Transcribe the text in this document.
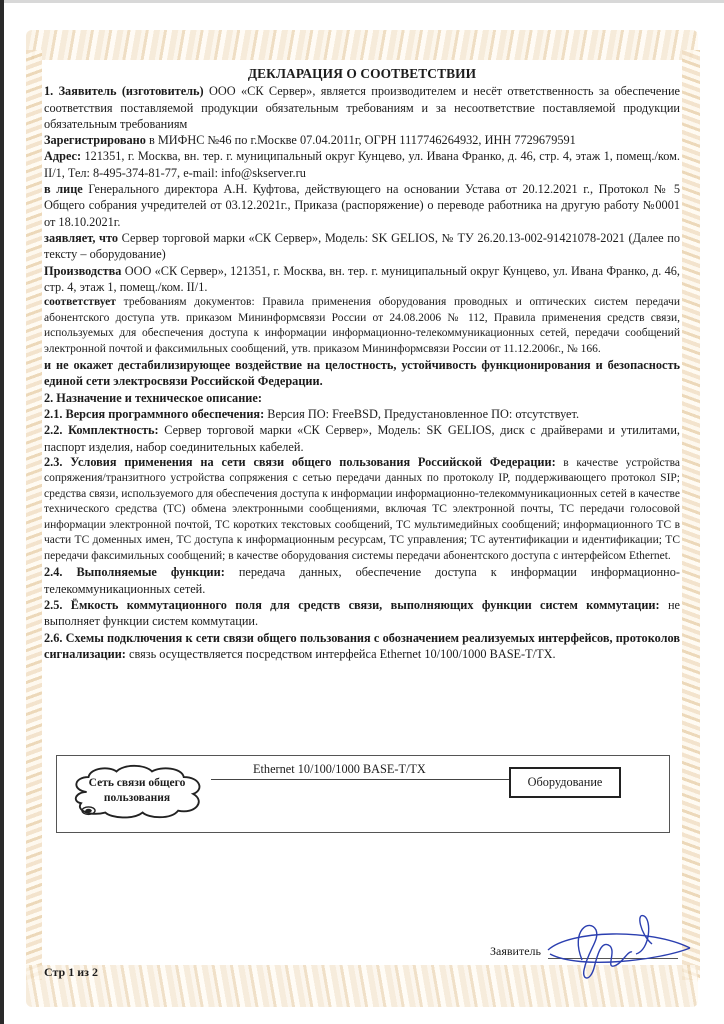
ДЕКЛАРАЦИЯ О СООТВЕТСТВИИ

1. Заявитель (изготовитель) ООО «СК Сервер», является производителем и несёт ответственность за обеспечение соответствия поставляемой продукции обязательным требованиям и за несоответствие поставляемой продукции обязательным требованиям

Зарегистрировано в МИФНС №46 по г.Москве 07.04.2011г, ОГРН 1117746264932, ИНН 7729679591

Адрес: 121351, г. Москва, вн. тер. г. муниципальный округ Кунцево, ул. Ивана Франко, д. 46, стр. 4, этаж 1, помещ./ком. II/1, Тел: 8-495-374-81-77, e-mail: info@skserver.ru

в лице Генерального директора А.Н. Куфтова, действующего на основании Устава от 20.12.2021 г., Протокол № 5 Общего собрания учредителей от 03.12.2021г., Приказа (распоряжение) о переводе работника на другую работу №0001 от 18.10.2021г.

заявляет, что Сервер торговой марки «СК Сервер», Модель: SK GELIOS, № ТУ 26.20.13-002-91421078-2021 (Далее по тексту – оборудование)

Производства ООО «СК Сервер», 121351, г. Москва, вн. тер. г. муниципальный округ Кунцево, ул. Ивана Франко, д. 46, стр. 4, этаж 1, помещ./ком. II/1.

соответствует требованиям документов: Правила применения оборудования проводных и оптических систем передачи абонентского доступа утв. приказом Мининформсвязи России от 24.08.2006 № 112, Правила применения средств связи, используемых для обеспечения доступа к информации информационно-телекоммуникационных сетей, передачи сообщений электронной почтой и факсимильных сообщений, утв. приказом Мининформсвязи России от 11.12.2006г., № 166.

и не окажет дестабилизирующее воздействие на целостность, устойчивость функционирования и безопасность единой сети электросвязи Российской Федерации.

2. Назначение и техническое описание:

2.1. Версия программного обеспечения: Версия ПО: FreeBSD, Предустановленное ПО: отсутствует.

2.2. Комплектность: Сервер торговой марки «СК Сервер», Модель: SK GELIOS, диск с драйверами и утилитами, паспорт изделия, набор соединительных кабелей.

2.3. Условия применения на сети связи общего пользования Российской Федерации: в качестве устройства сопряжения/транзитного устройства сопряжения с сетью передачи данных по протоколу IP, поддерживающего протокол SIP; средства связи, используемого для обеспечения доступа к информации информационно-телекоммуникационных сетей в качестве технического средства (ТС) обмена электронными сообщениями, включая ТС электронной почты, ТС передачи голосовой информации электронной почтой, ТС коротких текстовых сообщений, ТС мультимедийных сообщений; информационного ТС в части ТС доменных имен, ТС доступа к информационным ресурсам, ТС управления; ТС аутентификации и идентификации; ТС передачи факсимильных сообщений; в качестве оборудования системы передачи абонентского доступа с интерфейсом Ethernet.

2.4. Выполняемые функции: передача данных, обеспечение доступа к информации информационно-телекоммуникационных сетей.

2.5. Ёмкость коммутационного поля для средств связи, выполняющих функции систем коммутации: не выполняет функции систем коммутации.

2.6. Схемы подключения к сети связи общего пользования с обозначением реализуемых интерфейсов, протоколов сигнализации: связь осуществляется посредством интерфейса Ethernet 10/100/1000 BASE-T/TX.

Сеть связи общего пользования
Ethernet 10/100/1000 BASE-T/TX
Оборудование
Заявитель
Стр 1 из 2
